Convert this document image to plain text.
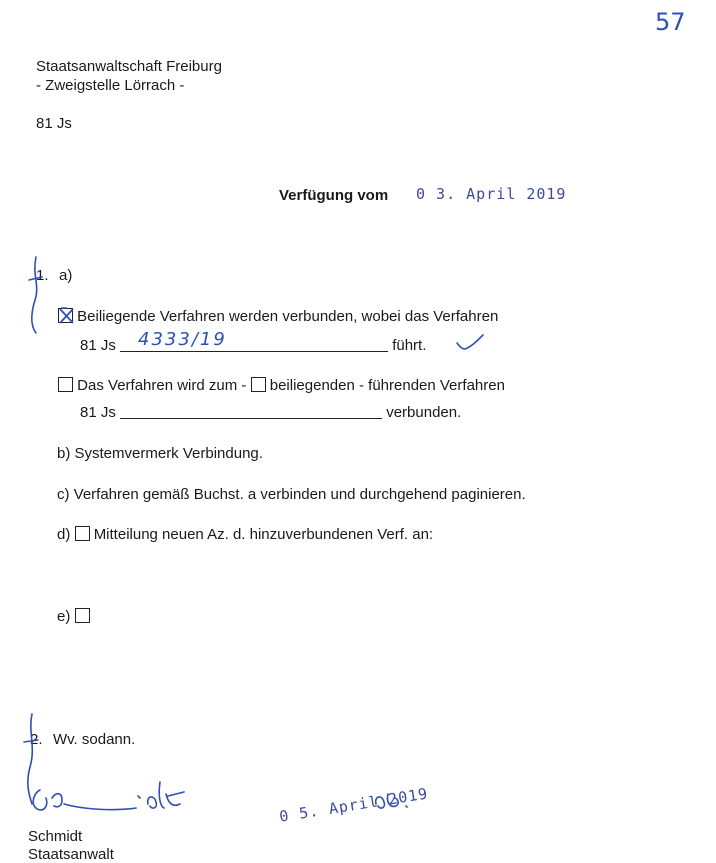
57
Staatsanwaltschaft Freiburg
- Zweigstelle Lörrach -
81 Js
Verfügung vom 0 3. April 2019
1. a)
Beiliegende Verfahren werden verbunden, wobei das Verfahren
81 Js 4333/19	führt.
Das Verfahren wird zum - beiliegenden - führenden Verfahren
81 Js	verbunden.
b) Systemvermerk Verbindung.
c) Verfahren gemäß Buchst. a verbinden und durchgehend paginieren.
d) Mitteilung neuen Az. d. hinzuverbundenen Verf. an:
e)
2. Wv. sodann.
Schmidt
Staatsanwalt
0 5. April 2019
